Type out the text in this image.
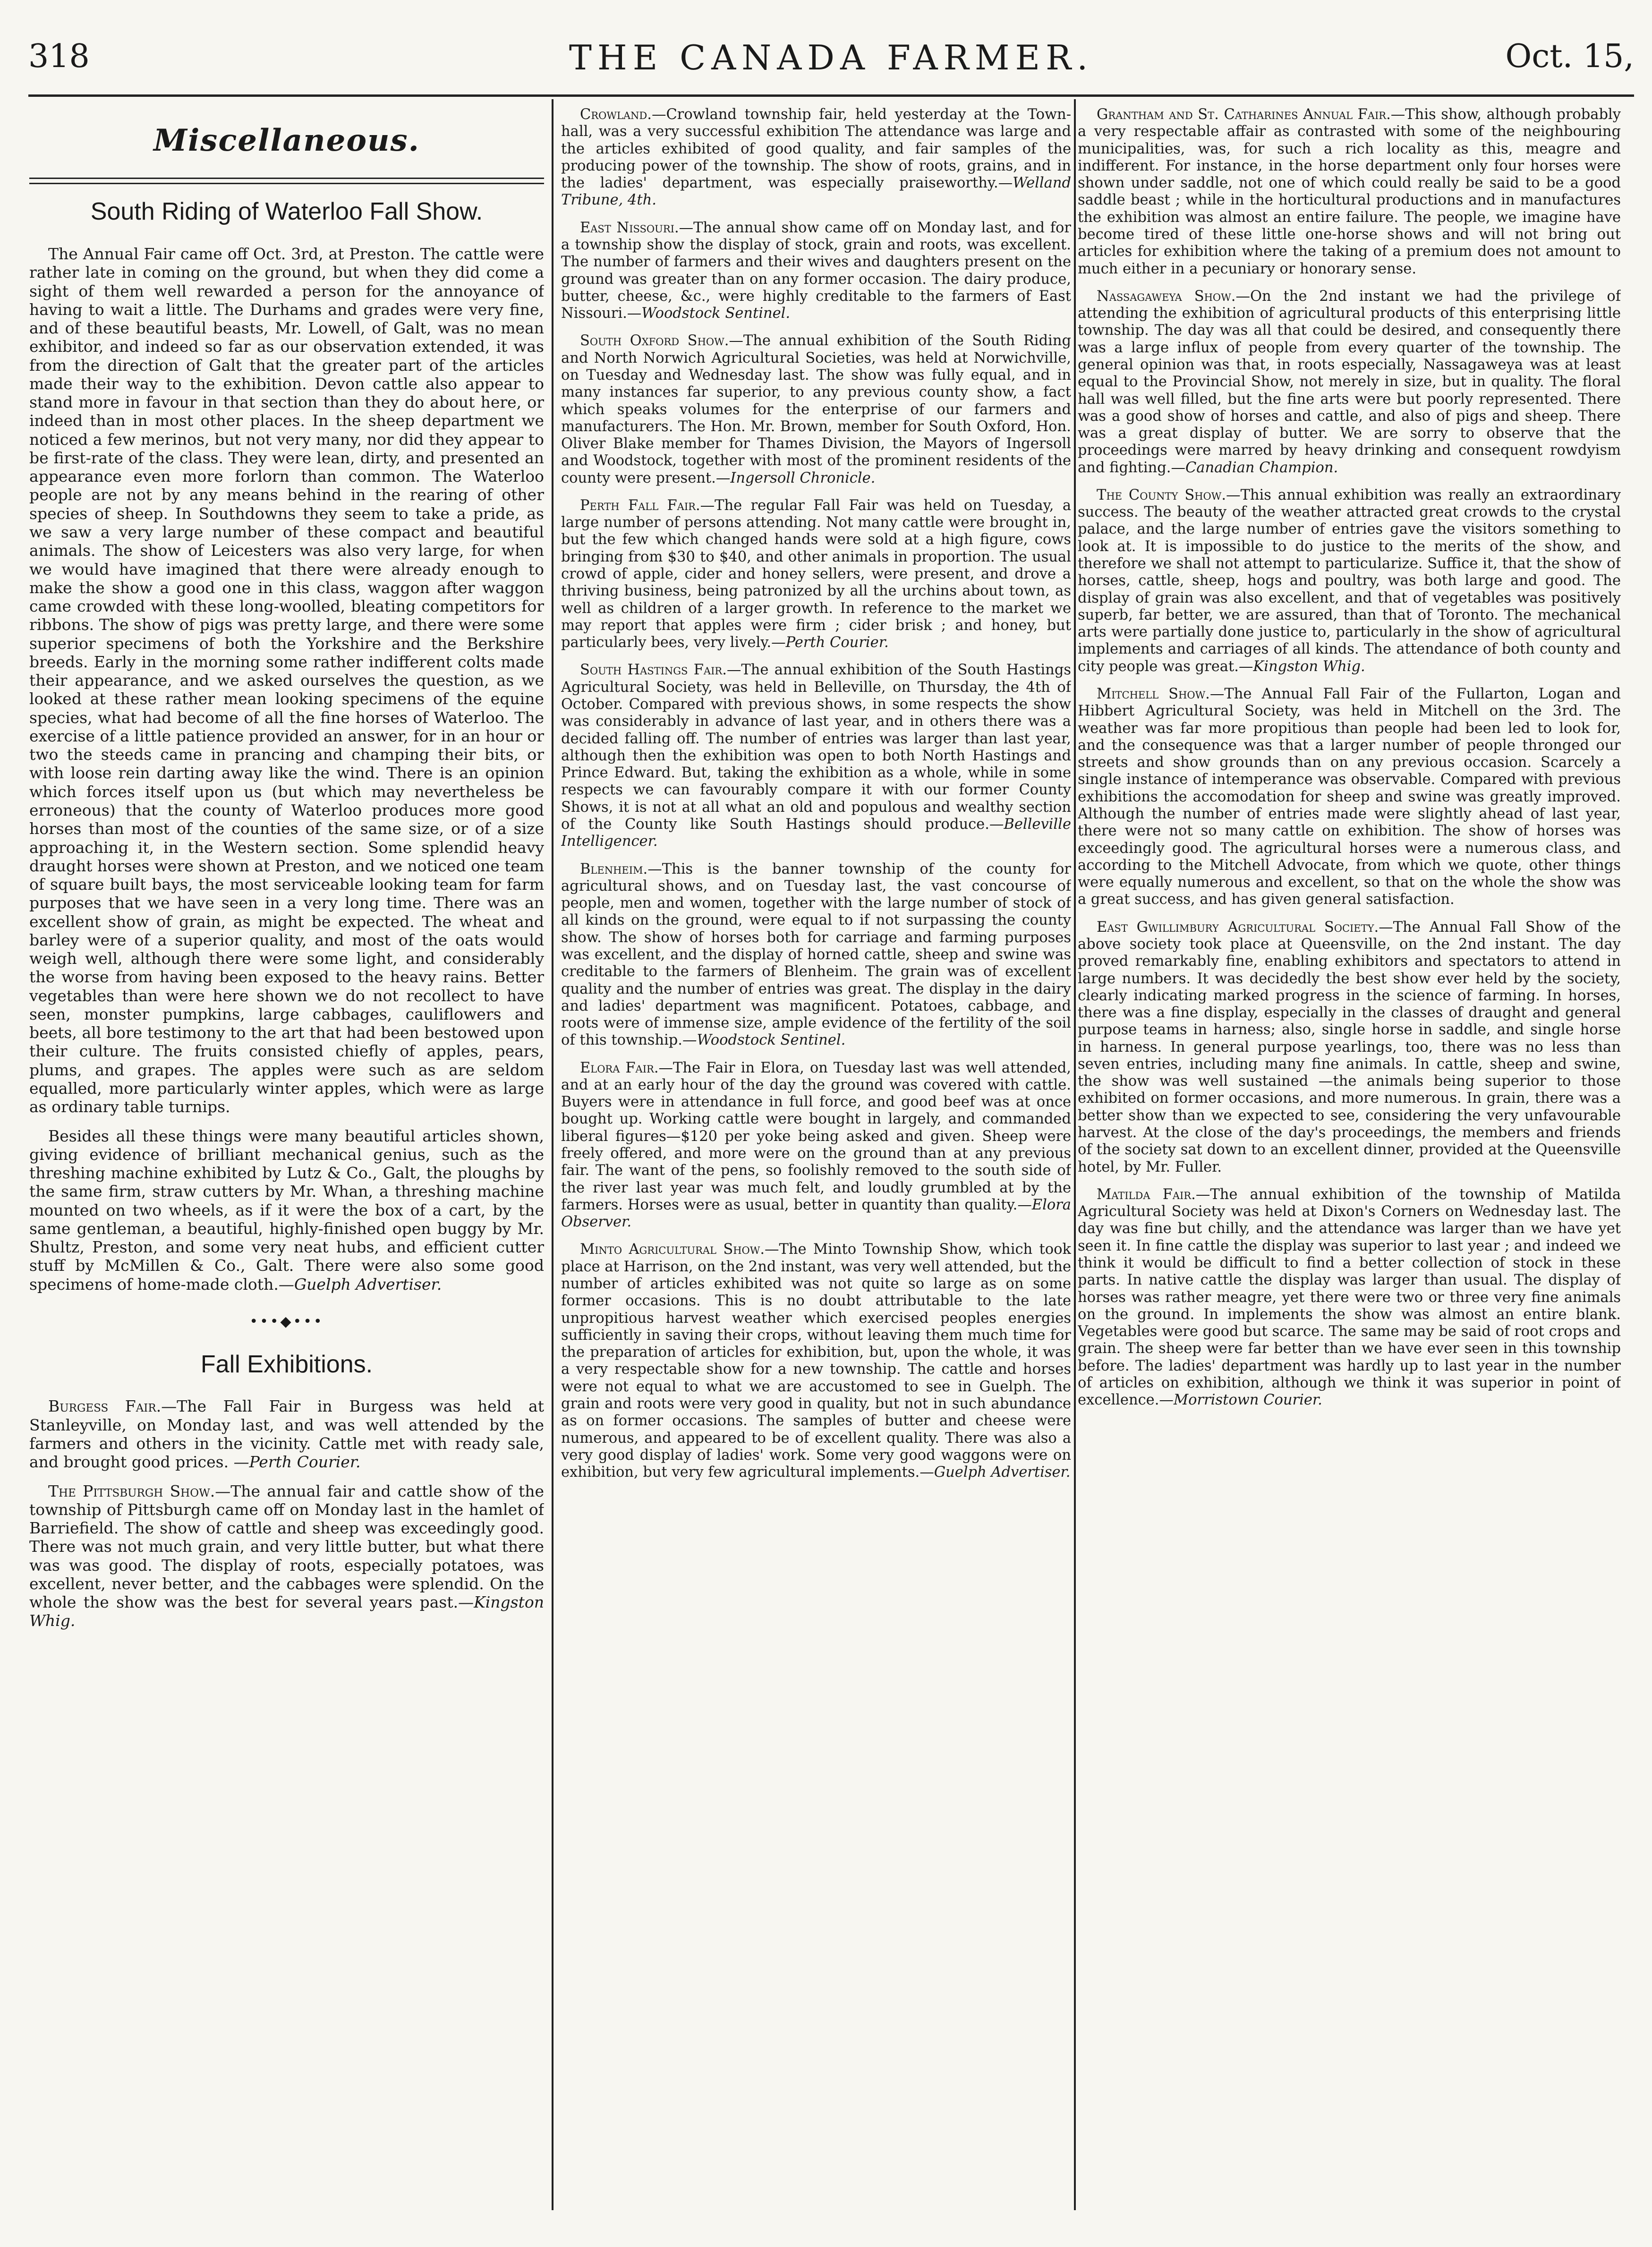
318	THE CANADA FARMER.	Oct. 15,
Miscellaneous.
South Riding of Waterloo Fall Show.

The Annual Fair came off Oct. 3rd, at Preston. The cattle were rather late in coming on the ground, but when they did come a sight of them well rewarded a person for the annoyance of having to wait a little. The Durhams and grades were very fine, and of these beautiful beasts, Mr. Lowell, of Galt, was no mean exhibitor, and indeed so far as our observation extended, it was from the direction of Galt that the greater part of the articles made their way to the exhibition. Devon cattle also appear to stand more in favour in that section than they do about here, or indeed than in most other places. In the sheep department we noticed a few merinos, but not very many, nor did they appear to be first-rate of the class. They were lean, dirty, and presented an appearance even more forlorn than common. The Waterloo people are not by any means behind in the rearing of other species of sheep. In Southdowns they seem to take a pride, as we saw a very large number of these compact and beautiful animals. The show of Leicesters was also very large, for when we would have imagined that there were already enough to make the show a good one in this class, waggon after waggon came crowded with these long-woolled, bleating competitors for ribbons. The show of pigs was pretty large, and there were some superior specimens of both the Yorkshire and the Berkshire breeds. Early in the morning some rather indifferent colts made their appearance, and we asked ourselves the question, as we looked at these rather mean looking specimens of the equine species, what had become of all the fine horses of Waterloo. The exercise of a little patience provided an answer, for in an hour or two the steeds came in prancing and champing their bits, or with loose rein darting away like the wind. There is an opinion which forces itself upon us (but which may nevertheless be erroneous) that the county of Waterloo produces more good horses than most of the counties of the same size, or of a size approaching it, in the Western section. Some splendid heavy draught horses were shown at Preston, and we noticed one team of square built bays, the most serviceable looking team for farm purposes that we have seen in a very long time. There was an excellent show of grain, as might be expected. The wheat and barley were of a superior quality, and most of the oats would weigh well, although there were some light, and considerably the worse from having been exposed to the heavy rains. Better vegetables than were here shown we do not recollect to have seen, monster pumpkins, large cabbages, cauliflowers and beets, all bore testimony to the art that had been bestowed upon their culture. The fruits consisted chiefly of apples, pears, plums, and grapes. The apples were such as are seldom equalled, more particularly winter apples, which were as large as ordinary table turnips.

Besides all these things were many beautiful articles shown, giving evidence of brilliant mechanical genius, such as the threshing machine exhibited by Lutz & Co., Galt, the ploughs by the same firm, straw cutters by Mr. Whan, a threshing machine mounted on two wheels, as if it were the box of a cart, by the same gentleman, a beautiful, highly-finished open buggy by Mr. Shultz, Preston, and some very neat hubs, and efficient cutter stuff by McMillen & Co., Galt. There were also some good specimens of home-made cloth.—Guelph Advertiser.

•••◆•••
Fall Exhibitions.

Burgess Fair.—The Fall Fair in Burgess was held at Stanleyville, on Monday last, and was well attended by the farmers and others in the vicinity. Cattle met with ready sale, and brought good prices. —Perth Courier.

The Pittsburgh Show.—The annual fair and cattle show of the township of Pittsburgh came off on Monday last in the hamlet of Barriefield. The show of cattle and sheep was exceedingly good. There was not much grain, and very little butter, but what there was was good. The display of roots, especially potatoes, was excellent, never better, and the cabbages were splendid. On the whole the show was the best for several years past.—Kingston Whig.

Crowland.—Crowland township fair, held yesterday at the Town-hall, was a very successful exhibition The attendance was large and the articles exhibited of good quality, and fair samples of the producing power of the township. The show of roots, grains, and in the ladies' department, was especially praiseworthy.—Welland Tribune, 4th.

East Nissouri.—The annual show came off on Monday last, and for a township show the display of stock, grain and roots, was excellent. The number of farmers and their wives and daughters present on the ground was greater than on any former occasion. The dairy produce, butter, cheese, &c., were highly creditable to the farmers of East Nissouri.—Woodstock Sentinel.

South Oxford Show.—The annual exhibition of the South Riding and North Norwich Agricultural Societies, was held at Norwichville, on Tuesday and Wednesday last. The show was fully equal, and in many instances far superior, to any previous county show, a fact which speaks volumes for the enterprise of our farmers and manufacturers. The Hon. Mr. Brown, member for South Oxford, Hon. Oliver Blake member for Thames Division, the Mayors of Ingersoll and Woodstock, together with most of the prominent residents of the county were present.—Ingersoll Chronicle.

Perth Fall Fair.—The regular Fall Fair was held on Tuesday, a large number of persons attending. Not many cattle were brought in, but the few which changed hands were sold at a high figure, cows bringing from $30 to $40, and other animals in proportion. The usual crowd of apple, cider and honey sellers, were present, and drove a thriving business, being patronized by all the urchins about town, as well as children of a larger growth. In reference to the market we may report that apples were firm ; cider brisk ; and honey, but particularly bees, very lively.—Perth Courier.

South Hastings Fair.—The annual exhibition of the South Hastings Agricultural Society, was held in Belleville, on Thursday, the 4th of October. Compared with previous shows, in some respects the show was considerably in advance of last year, and in others there was a decided falling off. The number of entries was larger than last year, although then the exhibition was open to both North Hastings and Prince Edward. But, taking the exhibition as a whole, while in some respects we can favourably compare it with our former County Shows, it is not at all what an old and populous and wealthy section of the County like South Hastings should produce.—Belleville Intelligencer.

Blenheim.—This is the banner township of the county for agricultural shows, and on Tuesday last, the vast concourse of people, men and women, together with the large number of stock of all kinds on the ground, were equal to if not surpassing the county show. The show of horses both for carriage and farming purposes was excellent, and the display of horned cattle, sheep and swine was creditable to the farmers of Blenheim. The grain was of excellent quality and the number of entries was great. The display in the dairy and ladies' department was magnificent. Potatoes, cabbage, and roots were of immense size, ample evidence of the fertility of the soil of this township.—Woodstock Sentinel.

Elora Fair.—The Fair in Elora, on Tuesday last was well attended, and at an early hour of the day the ground was covered with cattle. Buyers were in attendance in full force, and good beef was at once bought up. Working cattle were bought in largely, and commanded liberal figures—$120 per yoke being asked and given. Sheep were freely offered, and more were on the ground than at any previous fair. The want of the pens, so foolishly removed to the south side of the river last year was much felt, and loudly grumbled at by the farmers. Horses were as usual, better in quantity than quality.—Elora Observer.

Minto Agricultural Show.—The Minto Township Show, which took place at Harrison, on the 2nd instant, was very well attended, but the number of articles exhibited was not quite so large as on some former occasions. This is no doubt attributable to the late unpropitious harvest weather which exercised peoples energies sufficiently in saving their crops, without leaving them much time for the preparation of articles for exhibition, but, upon the whole, it was a very respectable show for a new township. The cattle and horses were not equal to what we are accustomed to see in Guelph. The grain and roots were very good in quality, but not in such abundance as on former occasions. The samples of butter and cheese were numerous, and appeared to be of excellent quality. There was also a very good display of ladies' work. Some very good waggons were on exhibition, but very few agricultural implements.—Guelph Advertiser.

Grantham and St. Catharines Annual Fair.—This show, although probably a very respectable affair as contrasted with some of the neighbouring municipalities, was, for such a rich locality as this, meagre and indifferent. For instance, in the horse department only four horses were shown under saddle, not one of which could really be said to be a good saddle beast ; while in the horticultural productions and in manufactures the exhibition was almost an entire failure. The people, we imagine have become tired of these little one-horse shows and will not bring out articles for exhibition where the taking of a premium does not amount to much either in a pecuniary or honorary sense.

Nassagaweya Show.—On the 2nd instant we had the privilege of attending the exhibition of agricultural products of this enterprising little township. The day was all that could be desired, and consequently there was a large influx of people from every quarter of the township. The general opinion was that, in roots especially, Nassagaweya was at least equal to the Provincial Show, not merely in size, but in quality. The floral hall was well filled, but the fine arts were but poorly represented. There was a good show of horses and cattle, and also of pigs and sheep. There was a great display of butter. We are sorry to observe that the proceedings were marred by heavy drinking and consequent rowdyism and fighting.—Canadian Champion.

The County Show.—This annual exhibition was really an extraordinary success. The beauty of the weather attracted great crowds to the crystal palace, and the large number of entries gave the visitors something to look at. It is impossible to do justice to the merits of the show, and therefore we shall not attempt to particularize. Suffice it, that the show of horses, cattle, sheep, hogs and poultry, was both large and good. The display of grain was also excellent, and that of vegetables was positively superb, far better, we are assured, than that of Toronto. The mechanical arts were partially done justice to, particularly in the show of agricultural implements and carriages of all kinds. The attendance of both county and city people was great.—Kingston Whig.

Mitchell Show.—The Annual Fall Fair of the Fullarton, Logan and Hibbert Agricultural Society, was held in Mitchell on the 3rd. The weather was far more propitious than people had been led to look for, and the consequence was that a larger number of people thronged our streets and show grounds than on any previous occasion. Scarcely a single instance of intemperance was observable. Compared with previous exhibitions the accomodation for sheep and swine was greatly improved. Although the number of entries made were slightly ahead of last year, there were not so many cattle on exhibition. The show of horses was exceedingly good. The agricultural horses were a numerous class, and according to the Mitchell Advocate, from which we quote, other things were equally numerous and excellent, so that on the whole the show was a great success, and has given general satisfaction.

East Gwillimbury Agricultural Society.—The Annual Fall Show of the above society took place at Queensville, on the 2nd instant. The day proved remarkably fine, enabling exhibitors and spectators to attend in large numbers. It was decidedly the best show ever held by the society, clearly indicating marked progress in the science of farming. In horses, there was a fine display, especially in the classes of draught and general purpose teams in harness; also, single horse in saddle, and single horse in harness. In general purpose yearlings, too, there was no less than seven entries, including many fine animals. In cattle, sheep and swine, the show was well sustained —the animals being superior to those exhibited on former occasions, and more numerous. In grain, there was a better show than we expected to see, considering the very unfavourable harvest. At the close of the day's proceedings, the members and friends of the society sat down to an excellent dinner, provided at the Queensville hotel, by Mr. Fuller.

Matilda Fair.—The annual exhibition of the township of Matilda Agricultural Society was held at Dixon's Corners on Wednesday last. The day was fine but chilly, and the attendance was larger than we have yet seen it. In fine cattle the display was superior to last year ; and indeed we think it would be difficult to find a better collection of stock in these parts. In native cattle the display was larger than usual. The display of horses was rather meagre, yet there were two or three very fine animals on the ground. In implements the show was almost an entire blank. Vegetables were good but scarce. The same may be said of root crops and grain. The sheep were far better than we have ever seen in this township before. The ladies' department was hardly up to last year in the number of articles on exhibition, although we think it was superior in point of excellence.—Morristown Courier.
